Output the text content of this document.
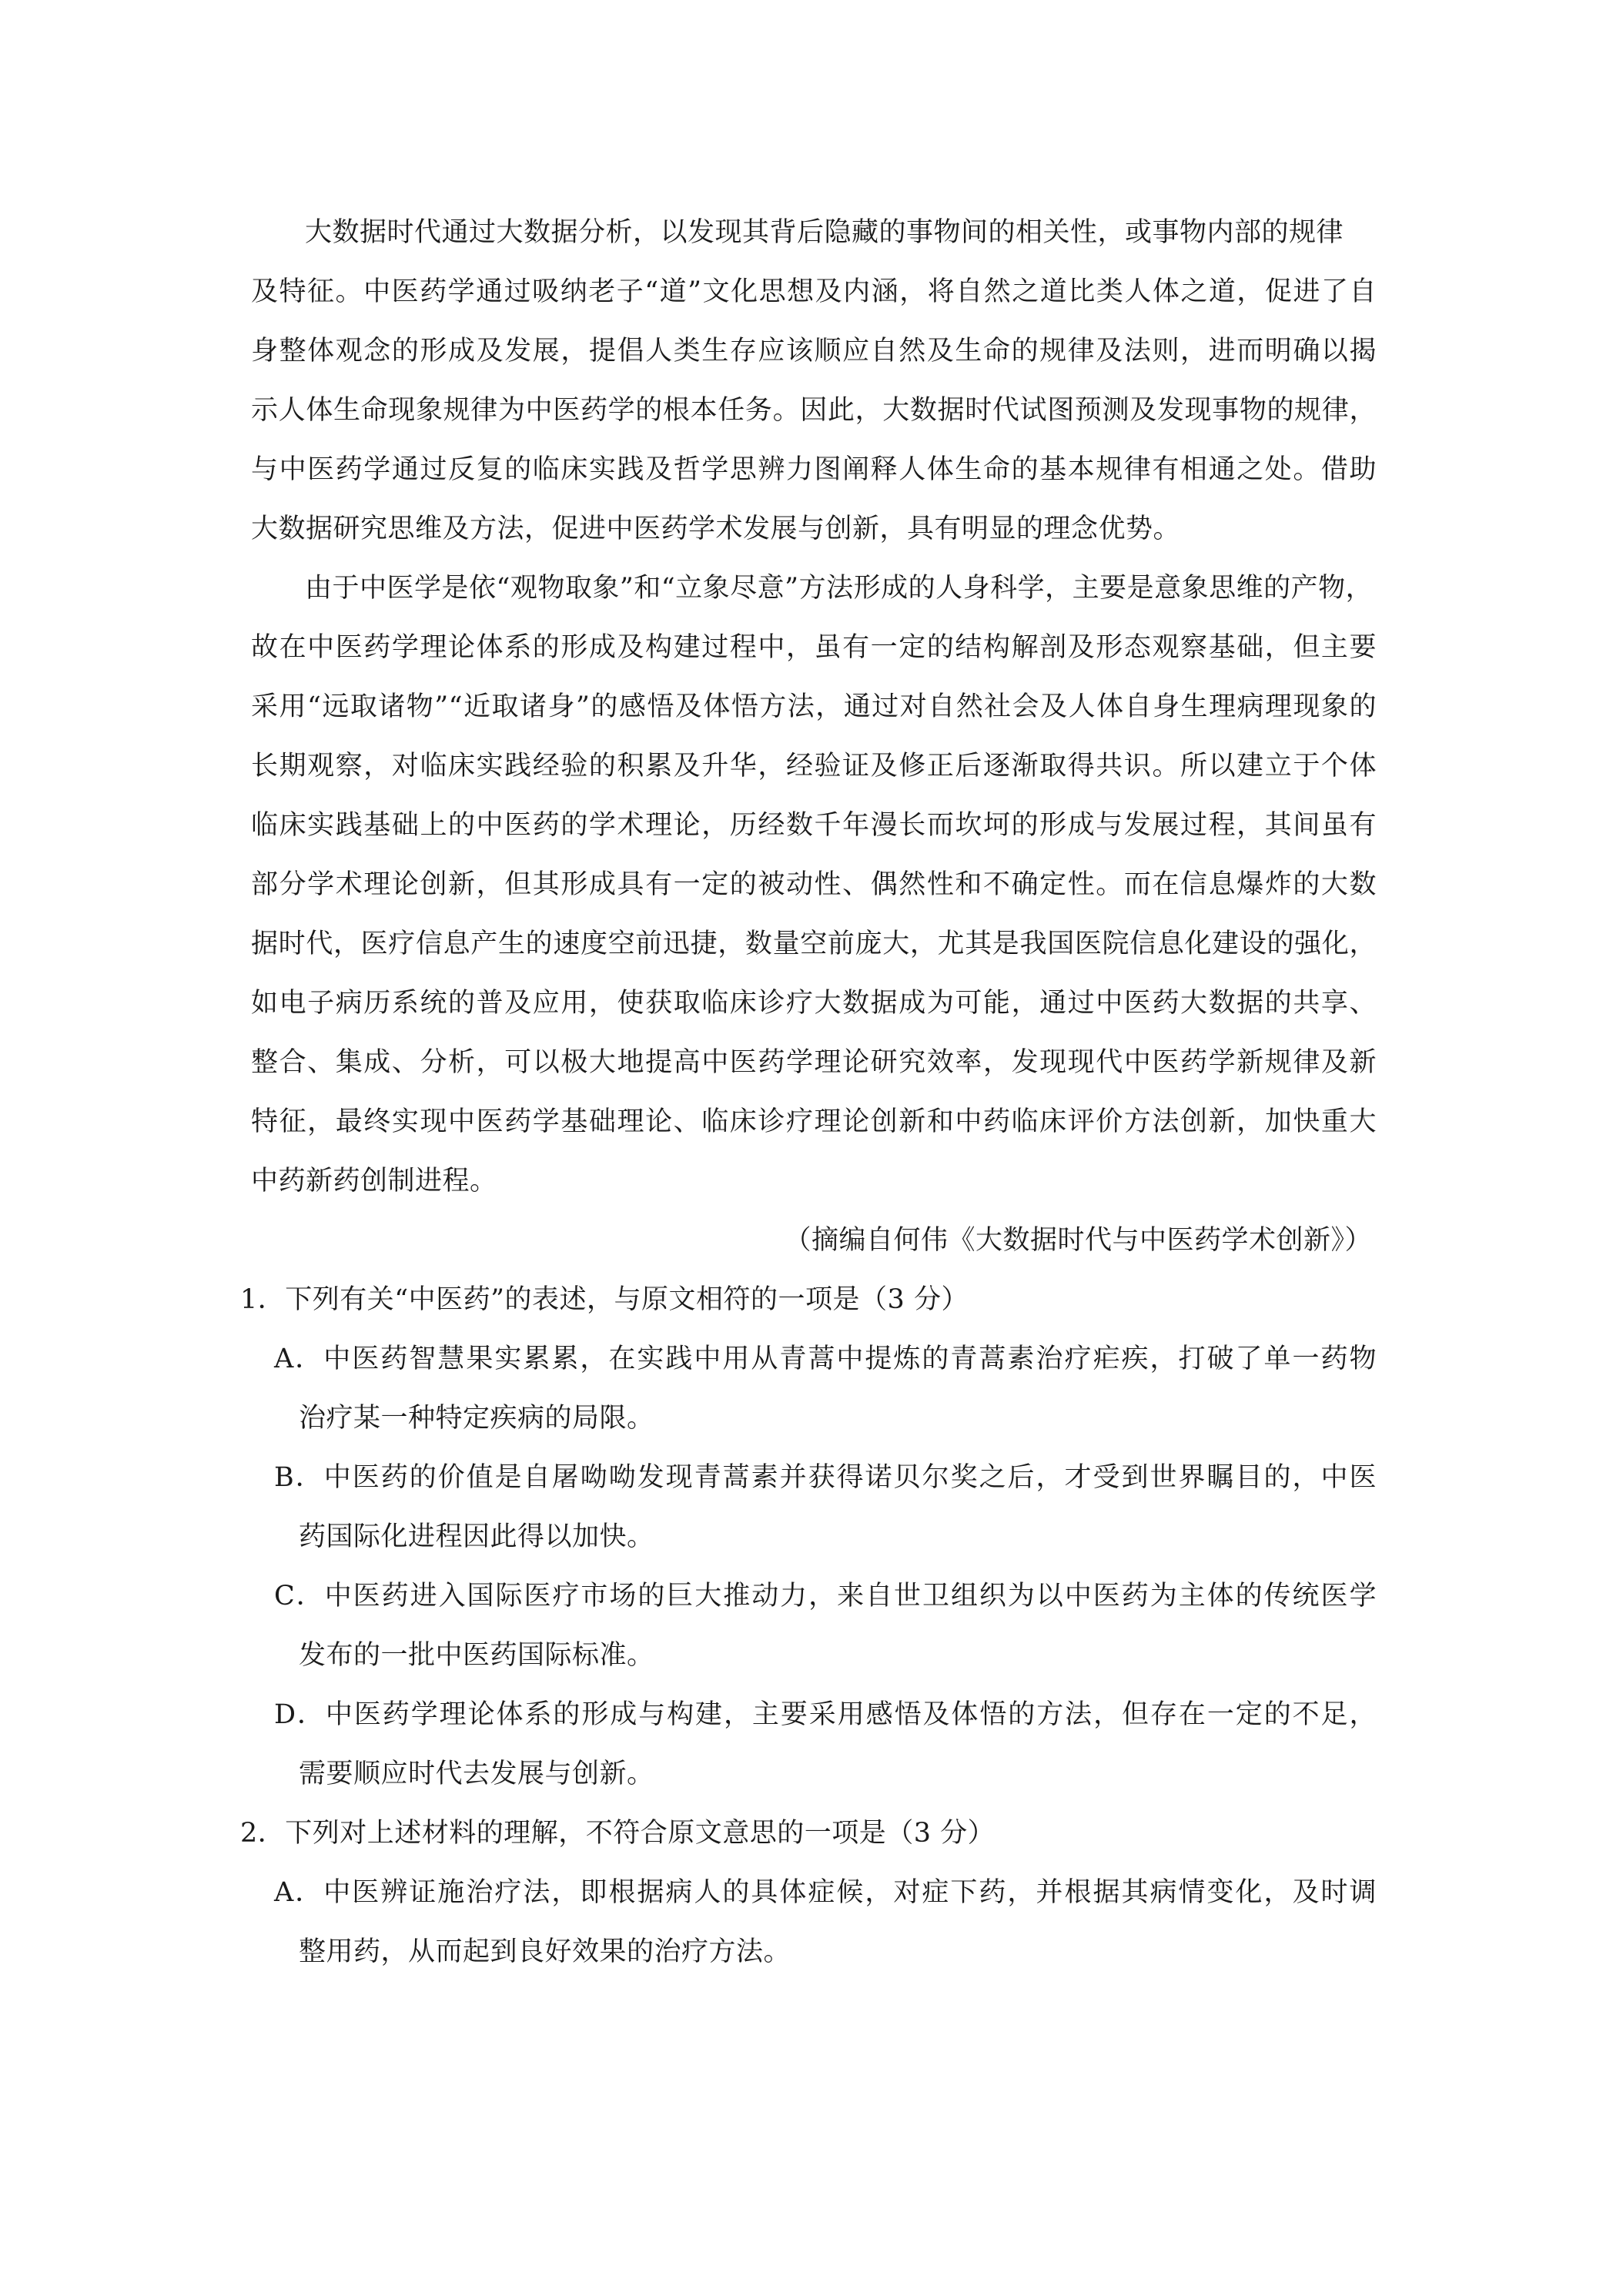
大数据时代通过大数据分析，以发现其背后隐藏的事物间的相关性，或事物内部的规律
及特征。中医药学通过吸纳老子“道”文化思想及内涵，将自然之道比类人体之道，促进了自
身整体观念的形成及发展，提倡人类生存应该顺应自然及生命的规律及法则，进而明确以揭
示人体生命现象规律为中医药学的根本任务。因此，大数据时代试图预测及发现事物的规律，
与中医药学通过反复的临床实践及哲学思辨力图阐释人体生命的基本规律有相通之处。借助
大数据研究思维及方法，促进中医药学术发展与创新，具有明显的理念优势。
由于中医学是依“观物取象”和“立象尽意”方法形成的人身科学，主要是意象思维的产物，
故在中医药学理论体系的形成及构建过程中，虽有一定的结构解剖及形态观察基础，但主要
采用“远取诸物”“近取诸身”的感悟及体悟方法，通过对自然社会及人体自身生理病理现象的
长期观察，对临床实践经验的积累及升华，经验证及修正后逐渐取得共识。所以建立于个体
临床实践基础上的中医药的学术理论，历经数千年漫长而坎坷的形成与发展过程，其间虽有
部分学术理论创新，但其形成具有一定的被动性、偶然性和不确定性。而在信息爆炸的大数
据时代，医疗信息产生的速度空前迅捷，数量空前庞大，尤其是我国医院信息化建设的强化，
如电子病历系统的普及应用，使获取临床诊疗大数据成为可能，通过中医药大数据的共享、
整合、集成、分析，可以极大地提高中医药学理论研究效率，发现现代中医药学新规律及新
特征，最终实现中医药学基础理论、临床诊疗理论创新和中药临床评价方法创新，加快重大
中药新药创制进程。
（摘编自何伟《大数据时代与中医药学术创新》）
1．下列有关“中医药”的表述，与原文相符的一项是（3 分）
A．中医药智慧果实累累，在实践中用从青蒿中提炼的青蒿素治疗疟疾，打破了单一药物
治疗某一种特定疾病的局限。
B．中医药的价值是自屠呦呦发现青蒿素并获得诺贝尔奖之后，才受到世界瞩目的，中医
药国际化进程因此得以加快。
C．中医药进入国际医疗市场的巨大推动力，来自世卫组织为以中医药为主体的传统医学
发布的一批中医药国际标准。
D．中医药学理论体系的形成与构建，主要采用感悟及体悟的方法，但存在一定的不足，
需要顺应时代去发展与创新。
2．下列对上述材料的理解，不符合原文意思的一项是（3 分）
A．中医辨证施治疗法，即根据病人的具体症候，对症下药，并根据其病情变化，及时调
整用药，从而起到良好效果的治疗方法。
